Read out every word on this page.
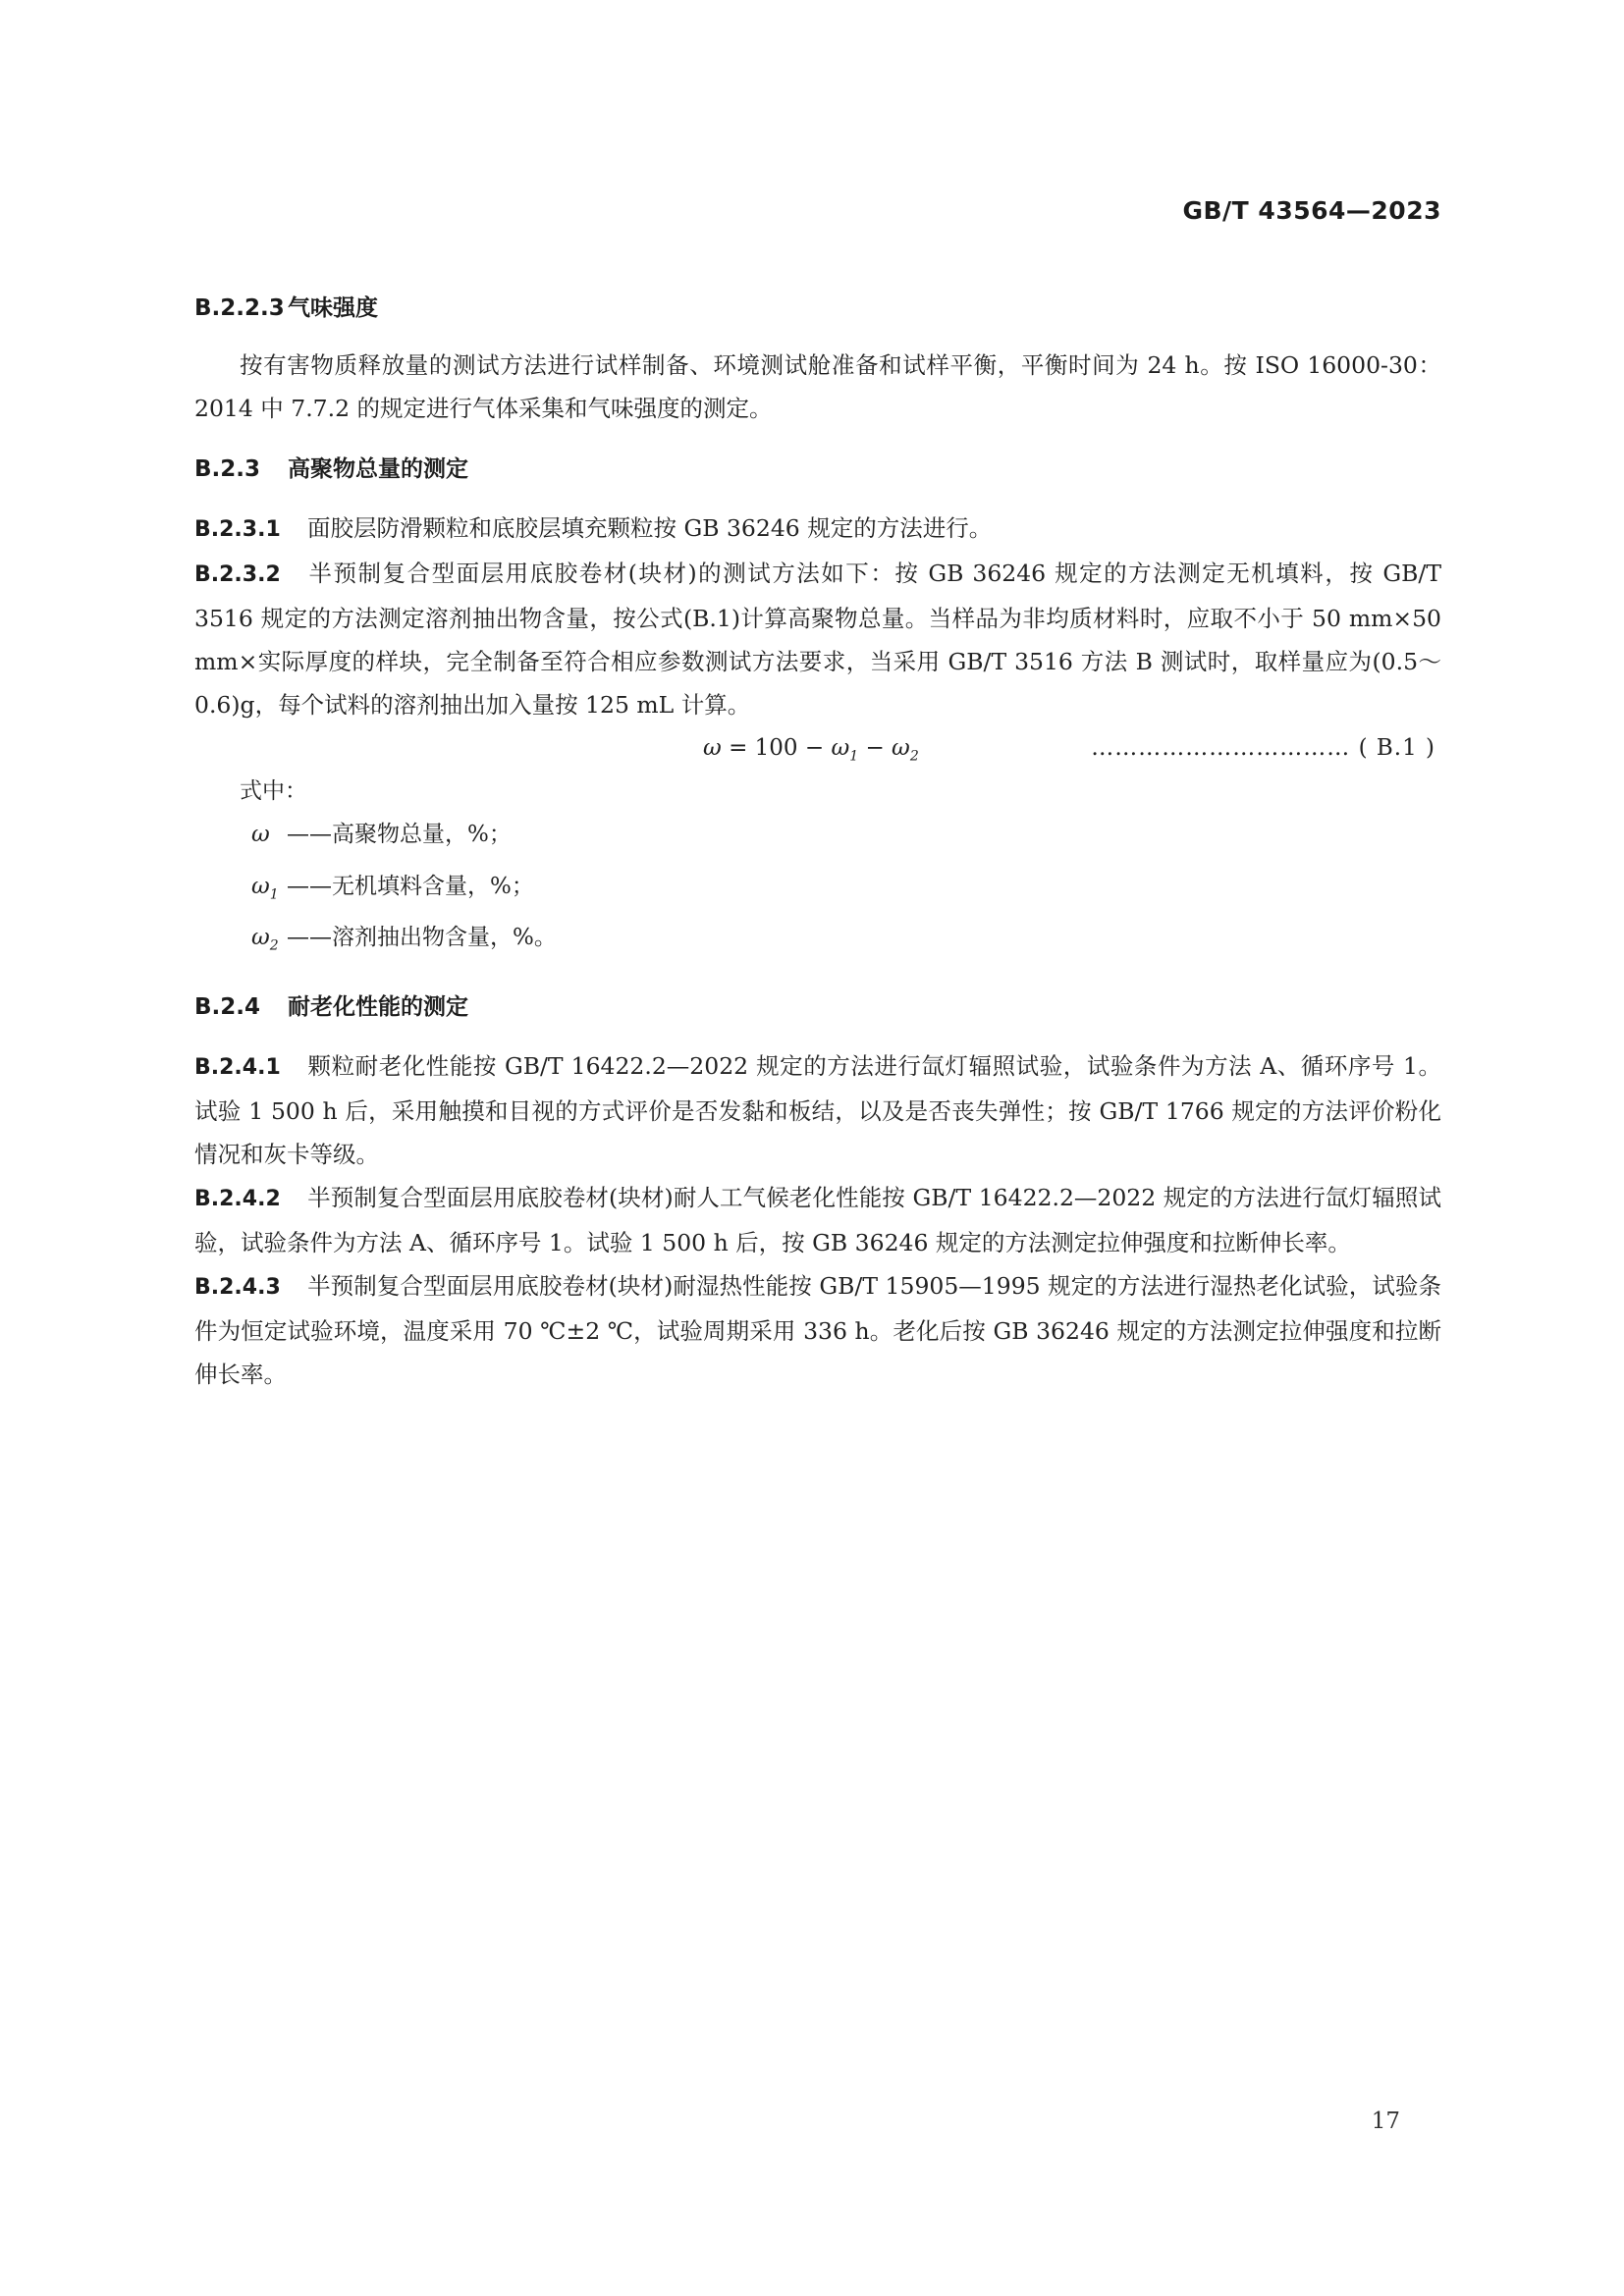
GB/T 43564—2023
B.2.2.3 气味强度

按有害物质释放量的测试方法进行试样制备、环境测试舱准备和试样平衡，平衡时间为 24 h。按 ISO 16000-30：2014 中 7.7.2 的规定进行气体采集和气味强度的测定。

B.2.3 高聚物总量的测定

B.2.3.1 面胶层防滑颗粒和底胶层填充颗粒按 GB 36246 规定的方法进行。

B.2.3.2 半预制复合型面层用底胶卷材(块材)的测试方法如下：按 GB 36246 规定的方法测定无机填料，按 GB/T 3516 规定的方法测定溶剂抽出物含量，按公式(B.1)计算高聚物总量。当样品为非均质材料时，应取不小于 50 mm×50 mm×实际厚度的样块，完全制备至符合相应参数测试方法要求，当采用 GB/T 3516 方法 B 测试时，取样量应为(0.5～0.6)g，每个试料的溶剂抽出加入量按 125 mL 计算。

$\omega = 100 - \omega_1 - \omega_2$	…………………………… ( B.1 )

式中：

ω ——高聚物总量，%；
$\omega_1$ ——无机填料含量，%；
$\omega_2$ ——溶剂抽出物含量，%。
B.2.4 耐老化性能的测定

B.2.4.1 颗粒耐老化性能按 GB/T 16422.2—2022 规定的方法进行氙灯辐照试验，试验条件为方法 A、循环序号 1。试验 1 500 h 后，采用触摸和目视的方式评价是否发黏和板结，以及是否丧失弹性；按 GB/T 1766 规定的方法评价粉化情况和灰卡等级。

B.2.4.2 半预制复合型面层用底胶卷材(块材)耐人工气候老化性能按 GB/T 16422.2—2022 规定的方法进行氙灯辐照试验，试验条件为方法 A、循环序号 1。试验 1 500 h 后，按 GB 36246 规定的方法测定拉伸强度和拉断伸长率。

B.2.4.3 半预制复合型面层用底胶卷材(块材)耐湿热性能按 GB/T 15905—1995 规定的方法进行湿热老化试验，试验条件为恒定试验环境，温度采用 70 ℃±2 ℃，试验周期采用 336 h。老化后按 GB 36246 规定的方法测定拉伸强度和拉断伸长率。

17
